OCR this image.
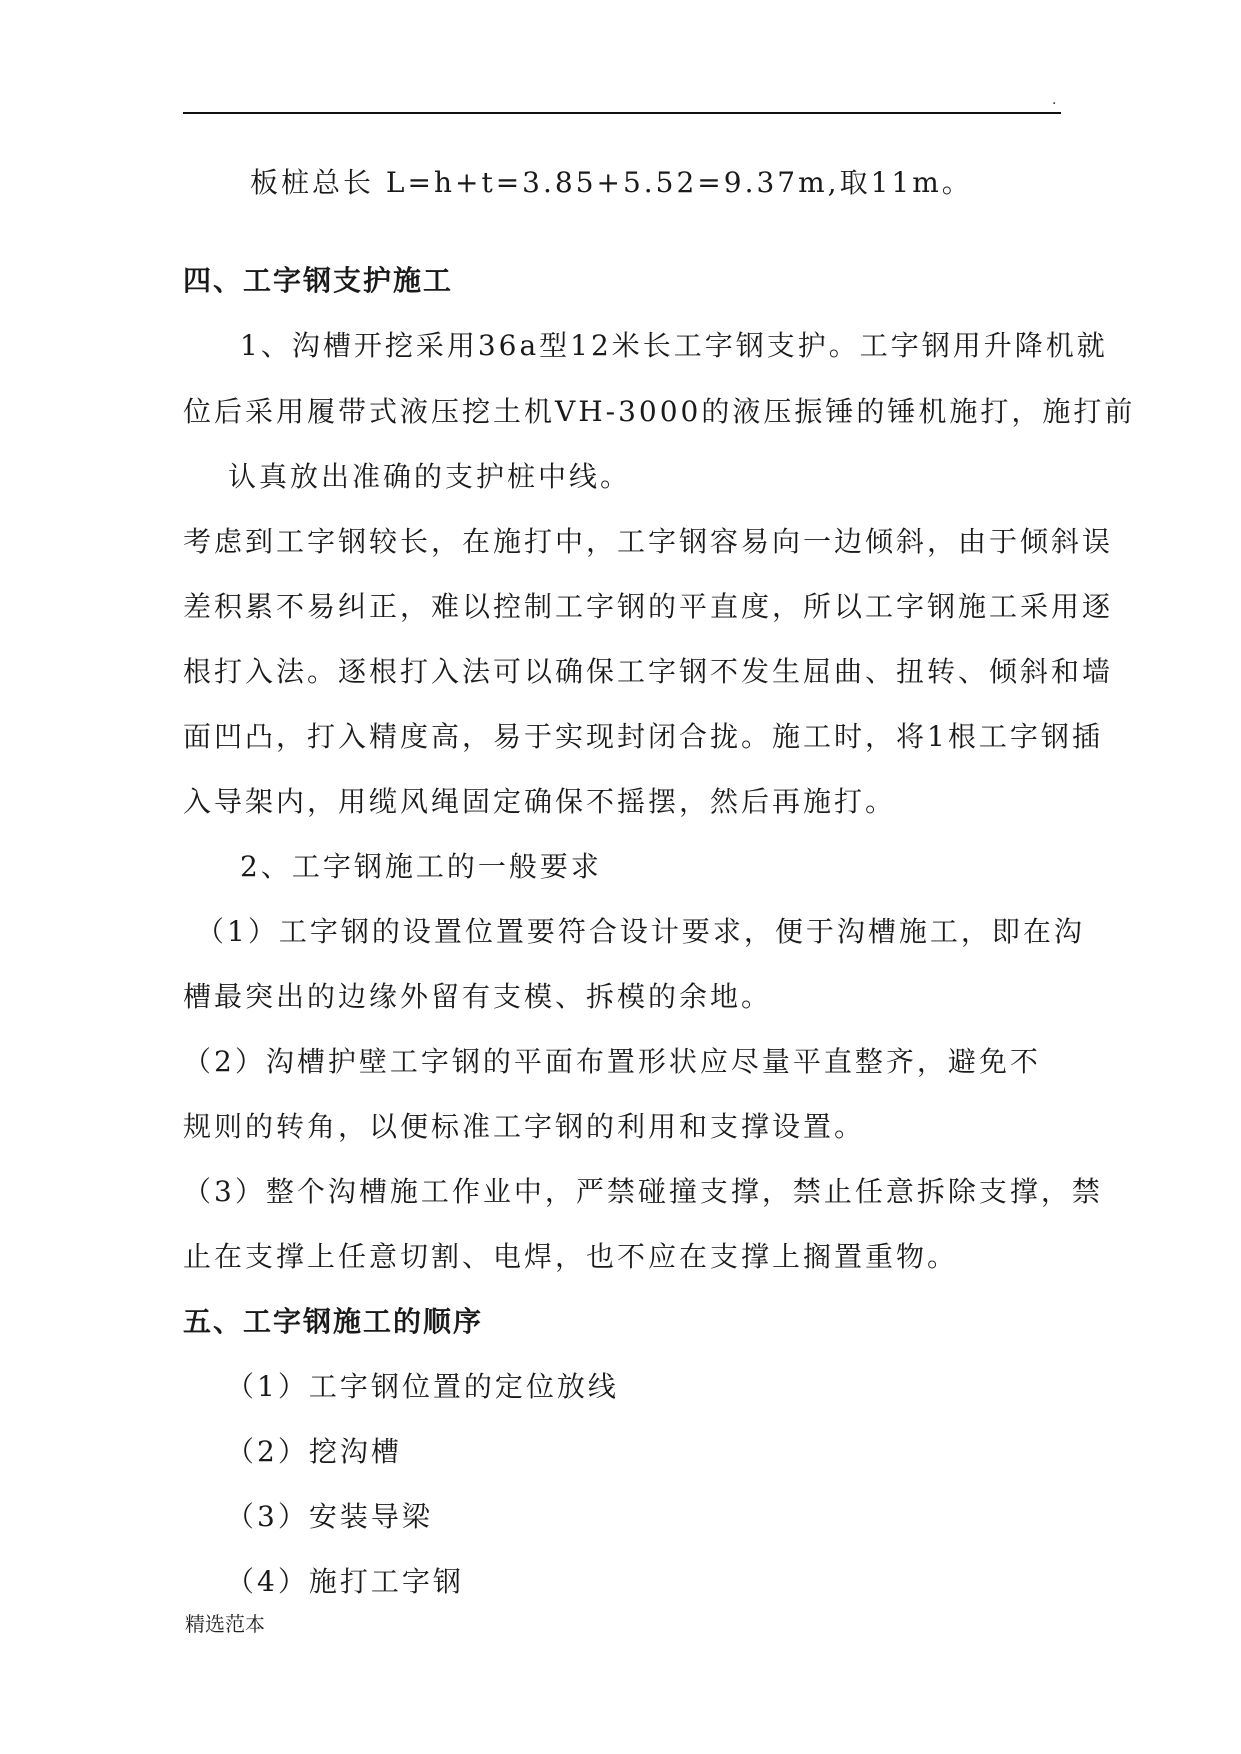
.
板桩总长 L=h+t=3.85+5.52=9.37m,取11m。
四、工字钢支护施工
1、沟槽开挖采用36a型12米长工字钢支护。工字钢用升降机就
位后采用履带式液压挖土机VH-3000的液压振锤的锤机施打，施打前
认真放出准确的支护桩中线。
考虑到工字钢较长，在施打中，工字钢容易向一边倾斜，由于倾斜误
差积累不易纠正，难以控制工字钢的平直度，所以工字钢施工采用逐
根打入法。逐根打入法可以确保工字钢不发生屈曲、扭转、倾斜和墙
面凹凸，打入精度高，易于实现封闭合拢。施工时，将1根工字钢插
入导架内，用缆风绳固定确保不摇摆，然后再施打。
2、工字钢施工的一般要求
（1）工字钢的设置位置要符合设计要求，便于沟槽施工，即在沟
槽最突出的边缘外留有支模、拆模的余地。
（2）沟槽护壁工字钢的平面布置形状应尽量平直整齐，避免不
规则的转角，以便标准工字钢的利用和支撑设置。
（3）整个沟槽施工作业中，严禁碰撞支撑，禁止任意拆除支撑，禁
止在支撑上任意切割、电焊，也不应在支撑上搁置重物。
五、工字钢施工的顺序
（1）工字钢位置的定位放线
（2）挖沟槽
（3）安装导梁
（4）施打工字钢
精选范本
